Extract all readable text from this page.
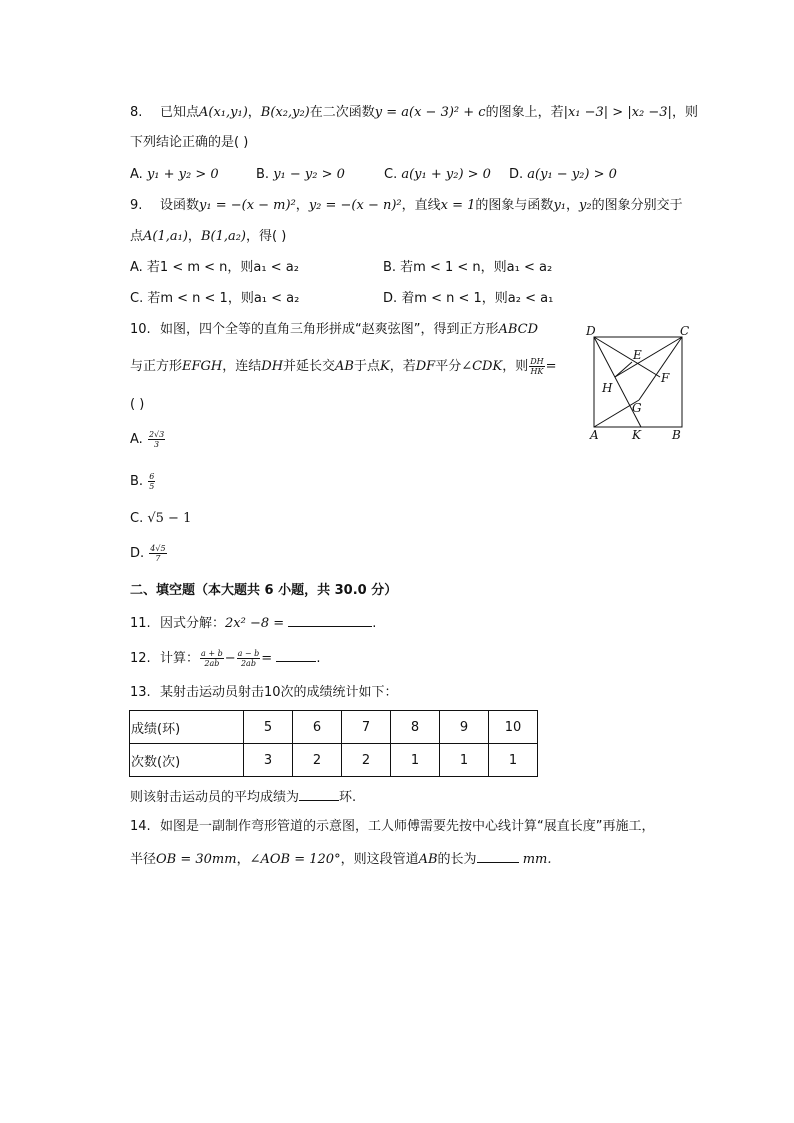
8. 已知点A(x₁,y₁)，B(x₂,y₂)在二次函数y = a(x − 3)² + c的图象上，若|x₁ −3| > |x₂ −3|，则
下列结论正确的是( )
A. y₁ + y₂ > 0	B. y₁ − y₂ > 0	C. a(y₁ + y₂) > 0 D. a(y₁ − y₂) > 0
9. 设函数y₁ = −(x − m)²，y₂ = −(x − n)²，直线x = 1的图象与函数y₁，y₂的图象分别交于
点A(1,a₁)，B(1,a₂)，得( )
A. 若1 < m < n，则a₁ < a₂	B. 若m < 1 < n，则a₁ < a₂
C. 若m < n < 1，则a₁ < a₂	D. 着m < n < 1，则a₂ < a₁
10. 如图，四个全等的直角三角形拼成“赵爽弦图”，得到正方形ABCD
与正方形EFGH，连结DH并延长交AB于点K，若DF平分∠CDK，则 $\frac{DH}{HK}$ =
( )
A. $\frac{2√3}{3}$
B. $\frac{6}{5}$
C. √5 − 1
D. $\frac{4√5}{7}$
D	C
E
F
H
G
A	K	B
二、填空题（本大题共 6 小题，共 30.0 分）
11. 因式分解：2x² −8 =	.
12. 计算： $\frac{a + b}{2ab} - \frac{a - b}{2ab}$ =	.
13. 某射击运动员射击10次的成绩统计如下：
成绩(环)	5	6	7	8	9	10
次数(次)	3	2	2	1	1	1
则该射击运动员的平均成绩为	环.
14. 如图是一副制作弯形管道的示意图，工人师傅需要先按中心线计算“展直长度”再施工，
半径OB = 30mm，∠AOB = 120°，则这段管道AB的长为	mm.
